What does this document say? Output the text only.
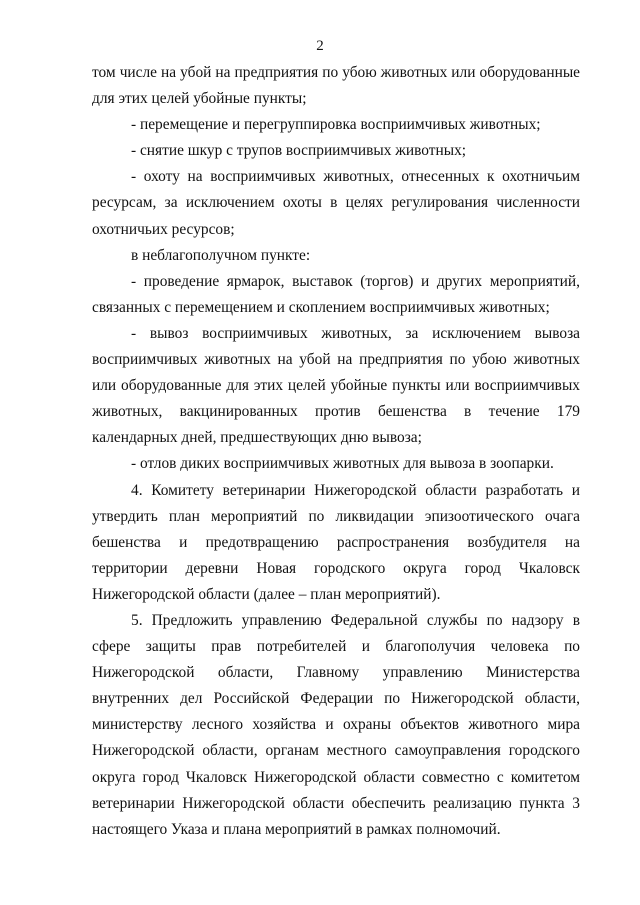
2

том числе на убой на предприятия по убою животных или оборудованные для этих целей убойные пункты;

- перемещение и перегруппировка восприимчивых животных;

- снятие шкур с трупов восприимчивых животных;

- охоту на восприимчивых животных, отнесенных к охотничьим ресурсам, за исключением охоты в целях регулирования численности охотничьих ресурсов;

в неблагополучном пункте:

- проведение ярмарок, выставок (торгов) и других мероприятий, связанных с перемещением и скоплением восприимчивых животных;

- вывоз восприимчивых животных, за исключением вывоза восприимчивых животных на убой на предприятия по убою животных или оборудованные для этих целей убойные пункты или восприимчивых животных, вакцинированных против бешенства в течение 179 календарных дней, предшествующих дню вывоза;

- отлов диких восприимчивых животных для вывоза в зоопарки.

4. Комитету ветеринарии Нижегородской области разработать и утвердить план мероприятий по ликвидации эпизоотического очага бешенства и предотвращению распространения возбудителя на территории деревни Новая городского округа город Чкаловск Нижегородской области (далее – план мероприятий).

5. Предложить управлению Федеральной службы по надзору в сфере защиты прав потребителей и благополучия человека по Нижегородской области, Главному управлению Министерства внутренних дел Российской Федерации по Нижегородской области, министерству лесного хозяйства и охраны объектов животного мира Нижегородской области, органам местного самоуправления городского округа город Чкаловск Нижегородской области совместно с комитетом ветеринарии Нижегородской области обеспечить реализацию пункта 3 настоящего Указа и плана мероприятий в рамках полномочий.
